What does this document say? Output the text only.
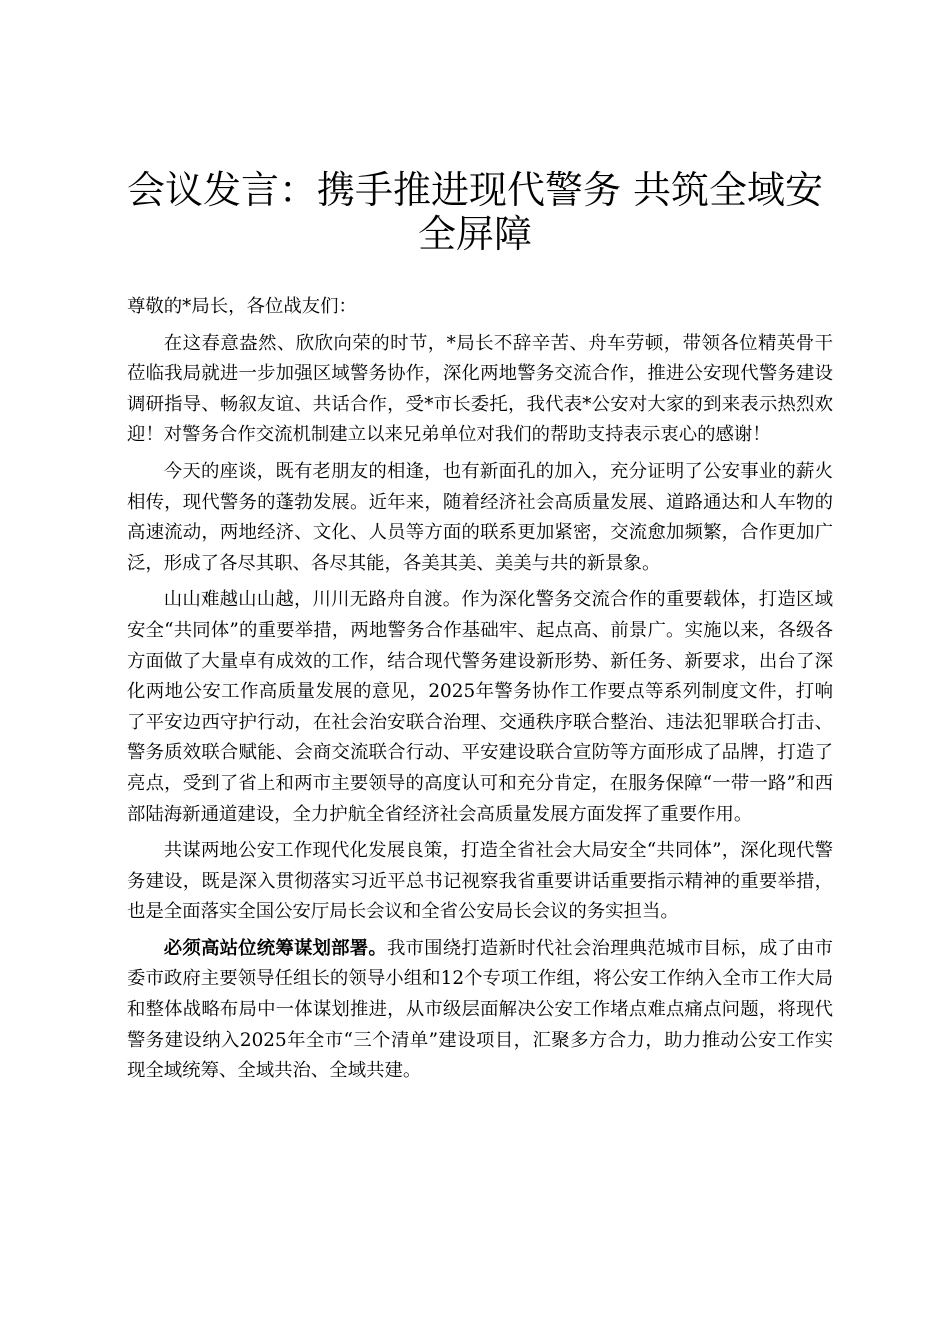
会议发言：携手推进现代警务 共筑全域安全屏障

尊敬的*局长，各位战友们：

在这春意盎然、欣欣向荣的时节，*局长不辞辛苦、舟车劳顿，带领各位精英骨干莅临我局就进一步加强区域警务协作，深化两地警务交流合作，推进公安现代警务建设调研指导、畅叙友谊、共话合作，受*市长委托，我代表*公安对大家的到来表示热烈欢迎！对警务合作交流机制建立以来兄弟单位对我们的帮助支持表示衷心的感谢！

今天的座谈，既有老朋友的相逢，也有新面孔的加入，充分证明了公安事业的薪火相传，现代警务的蓬勃发展。近年来，随着经济社会高质量发展、道路通达和人车物的高速流动，两地经济、文化、人员等方面的联系更加紧密，交流愈加频繁，合作更加广泛，形成了各尽其职、各尽其能，各美其美、美美与共的新景象。

山山难越山山越，川川无路舟自渡。作为深化警务交流合作的重要载体，打造区域安全“共同体”的重要举措，两地警务合作基础牢、起点高、前景广。实施以来，各级各方面做了大量卓有成效的工作，结合现代警务建设新形势、新任务、新要求，出台了深化两地公安工作高质量发展的意见，2025年警务协作工作要点等系列制度文件，打响了平安边西守护行动，在社会治安联合治理、交通秩序联合整治、违法犯罪联合打击、警务质效联合赋能、会商交流联合行动、平安建设联合宣防等方面形成了品牌，打造了亮点，受到了省上和两市主要领导的高度认可和充分肯定，在服务保障“一带一路”和西部陆海新通道建设，全力护航全省经济社会高质量发展方面发挥了重要作用。

共谋两地公安工作现代化发展良策，打造全省社会大局安全“共同体”，深化现代警务建设，既是深入贯彻落实习近平总书记视察我省重要讲话重要指示精神的重要举措，也是全面落实全国公安厅局长会议和全省公安局长会议的务实担当。

必须高站位统筹谋划部署。我市围绕打造新时代社会治理典范城市目标，成了由市委市政府主要领导任组长的领导小组和12个专项工作组，将公安工作纳入全市工作大局和整体战略布局中一体谋划推进，从市级层面解决公安工作堵点难点痛点问题，将现代警务建设纳入2025年全市“三个清单”建设项目，汇聚多方合力，助力推动公安工作实现全域统筹、全域共治、全域共建。
